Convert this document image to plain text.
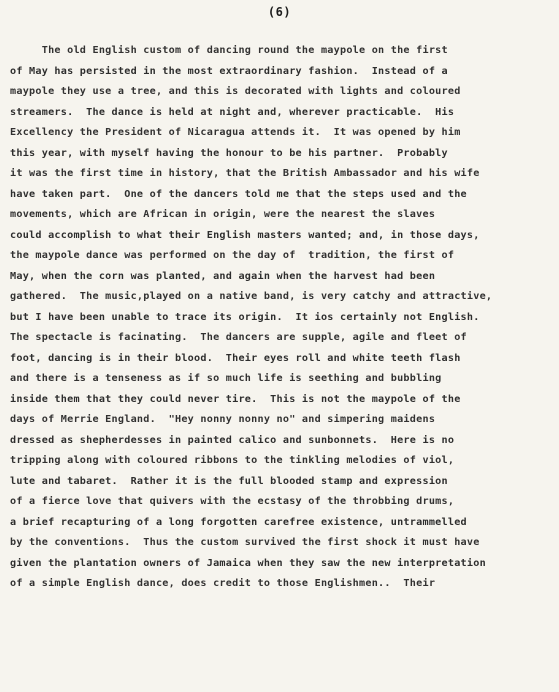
(6)
The old English custom of dancing round the maypole on the first
of May has persisted in the most extraordinary fashion.  Instead of a
maypole they use a tree, and this is decorated with lights and coloured
streamers.  The dance is held at night and, wherever practicable.  His
Excellency the President of Nicaragua attends it.  It was opened by him
this year, with myself having the honour to be his partner.  Probably
it was the first time in history, that the British Ambassador and his wife
have taken part.  One of the dancers told me that the steps used and the
movements, which are African in origin, were the nearest the slaves
could accomplish to what their English masters wanted; and, in those days,
the maypole dance was performed on the day of  tradition, the first of
May, when the corn was planted, and again when the harvest had been
gathered.  The music,played on a native band, is very catchy and attractive,
but I have been unable to trace its origin.  It ios certainly not English.
The spectacle is facinating.  The dancers are supple, agile and fleet of
foot, dancing is in their blood.  Their eyes roll and white teeth flash
and there is a tenseness as if so much life is seething and bubbling
inside them that they could never tire.  This is not the maypole of the
days of Merrie England.  "Hey nonny nonny no" and simpering maidens
dressed as shepherdesses in painted calico and sunbonnets.  Here is no
tripping along with coloured ribbons to the tinkling melodies of viol,
lute and tabaret.  Rather it is the full blooded stamp and expression
of a fierce love that quivers with the ecstasy of the throbbing drums,
a brief recapturing of a long forgotten carefree existence, untrammelled
by the conventions.  Thus the custom survived the first shock it must have
given the plantation owners of Jamaica when they saw the new interpretation
of a simple English dance, does credit to those Englishmen..  Their
